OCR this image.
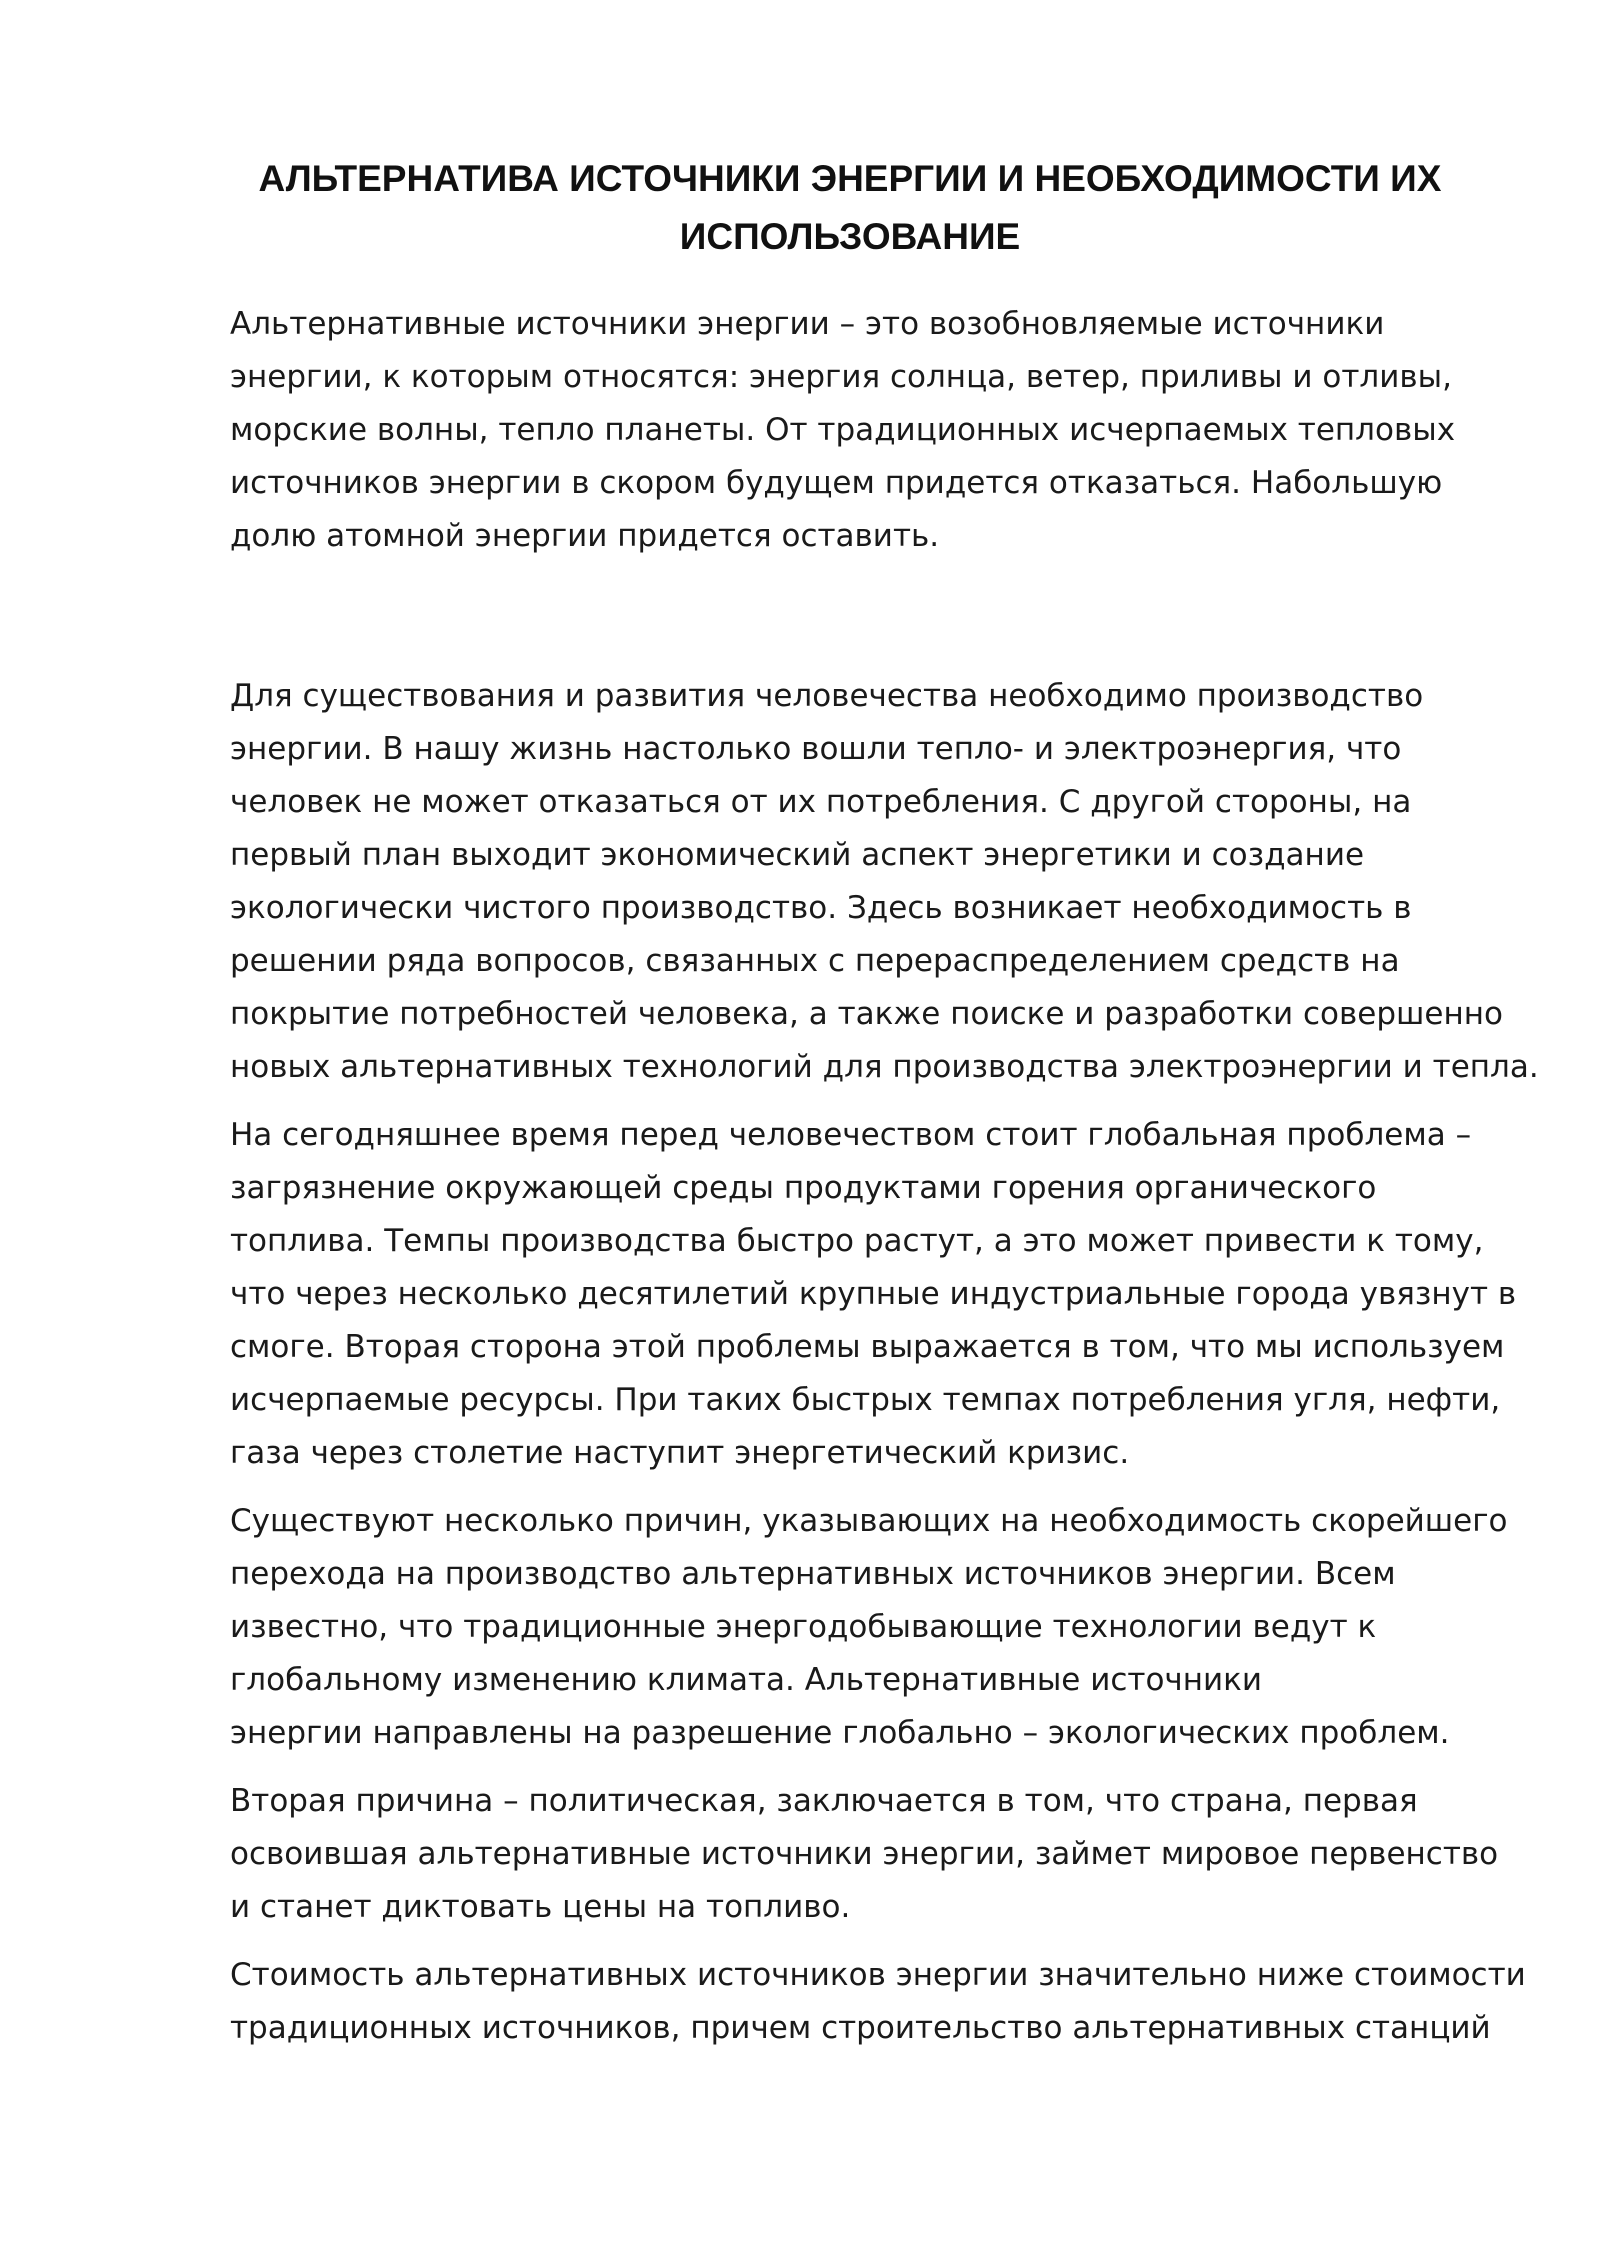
АЛЬТЕРНАТИВА ИСТОЧНИКИ ЭНЕРГИИ И НЕОБХОДИМОСТИ ИХ
ИСПОЛЬЗОВАНИЕ

Альтернативные источники энергии – это возобновляемые источники
энергии, к которым относятся: энергия солнца, ветер, приливы и отливы,
морские волны, тепло планеты. От традиционных исчерпаемых тепловых
источников энергии в скором будущем придется отказаться. Набольшую
долю атомной энергии придется оставить.

Для существования и развития человечества необходимо производство
энергии. В нашу жизнь настолько вошли тепло- и электроэнергия, что
человек не может отказаться от их потребления. С другой стороны, на
первый план выходит экономический аспект энергетики и создание
экологически чистого производство. Здесь возникает необходимость в
решении ряда вопросов, связанных с перераспределением средств на
покрытие потребностей человека, а также поиске и разработки совершенно
новых альтернативных технологий для производства электроэнергии и тепла.

На сегодняшнее время перед человечеством стоит глобальная проблема –
загрязнение окружающей среды продуктами горения органического
топлива. Темпы производства быстро растут, а это может привести к тому,
что через несколько десятилетий крупные индустриальные города увязнут в
смоге. Вторая сторона этой проблемы выражается в том, что мы используем
исчерпаемые ресурсы. При таких быстрых темпах потребления угля, нефти,
газа через столетие наступит энергетический кризис.

Существуют несколько причин, указывающих на необходимость скорейшего
перехода на производство альтернативных источников энергии. Всем
известно, что традиционные энергодобывающие технологии ведут к
глобальному изменению климата. Альтернативные источники
энергии направлены на разрешение глобально – экологических проблем.

Вторая причина – политическая, заключается в том, что страна, первая
освоившая альтернативные источники энергии, займет мировое первенство
и станет диктовать цены на топливо.

Стоимость альтернативных источников энергии значительно ниже стоимости
традиционных источников, причем строительство альтернативных станций
